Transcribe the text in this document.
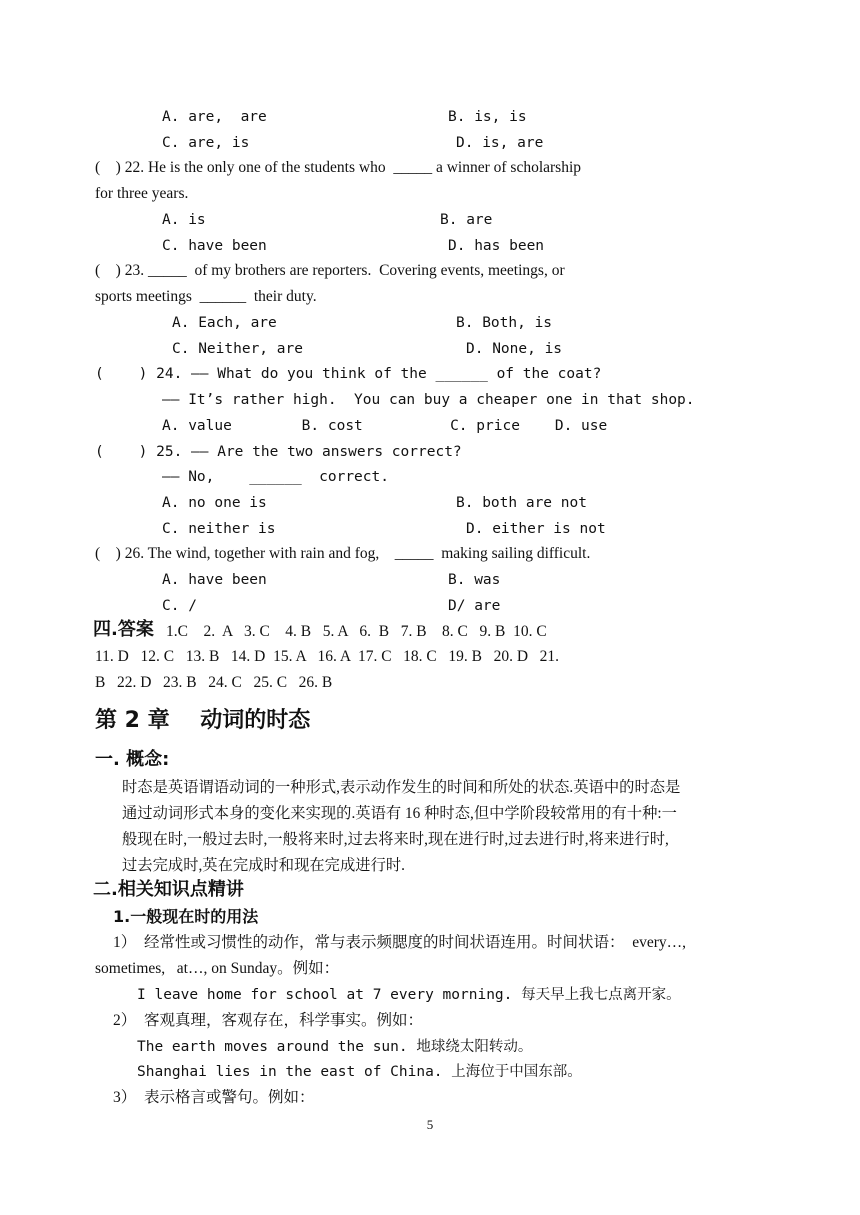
A. are,  are	B. is, is
C. are, is	D. is, are
(    ) 22. He is the only one of the students who  _____ a winner of scholarship
for three years.
A. is	B. are
C. have been	D. has been
(    ) 23. _____  of my brothers are reporters.  Covering events, meetings, or
sports meetings  ______  their duty.
A. Each, are	B. Both, is
C. Neither, are	D. None, is
(    ) 24. —— What do you think of the ______ of the coat?
—— It’s rather high.  You can buy a cheaper one in that shop.
A. value        B. cost          C. price    D. use
(    ) 25. —— Are the two answers correct?
—— No,    ______  correct.
A. no one is	B. both are not
C. neither is	D. either is not
(    ) 26. The wind, together with rain and fog,    _____  making sailing difficult.
A. have been	B. was
C. /	D/ are
四.答案 1.C    2.  A   3. C    4. B   5. A   6.  B   7. B    8. C   9. B  10. C
11. D   12. C   13. B   14. D  15. A   16. A  17. C   18. C   19. B   20. D   21.
B   22. D   23. B   24. C   25. C   26. B
第 2 章    动词的时态
一. 概念:
时态是英语谓语动词的一种形式,表示动作发生的时间和所处的状态.英语中的时态是
通过动词形式本身的变化来实现的.英语有 16 种时态,但中学阶段较常用的有十种:一
般现在时,一般过去时,一般将来时,过去将来时,现在进行时,过去进行时,将来进行时,
过去完成时,英在完成时和现在完成进行时.
二.相关知识点精讲
1.一般现在时的用法
1）  经常性或习惯性的动作，常与表示频腮度的时间状语连用。时间状语：  every…,
sometimes,   at…, on Sunday。例如：
I leave home for school at 7 every morning. 每天早上我七点离开家。
2）  客观真理，客观存在，科学事实。例如：
The earth moves around the sun. 地球绕太阳转动。
Shanghai lies in the east of China. 上海位于中国东部。
3）  表示格言或警句。例如：
5
